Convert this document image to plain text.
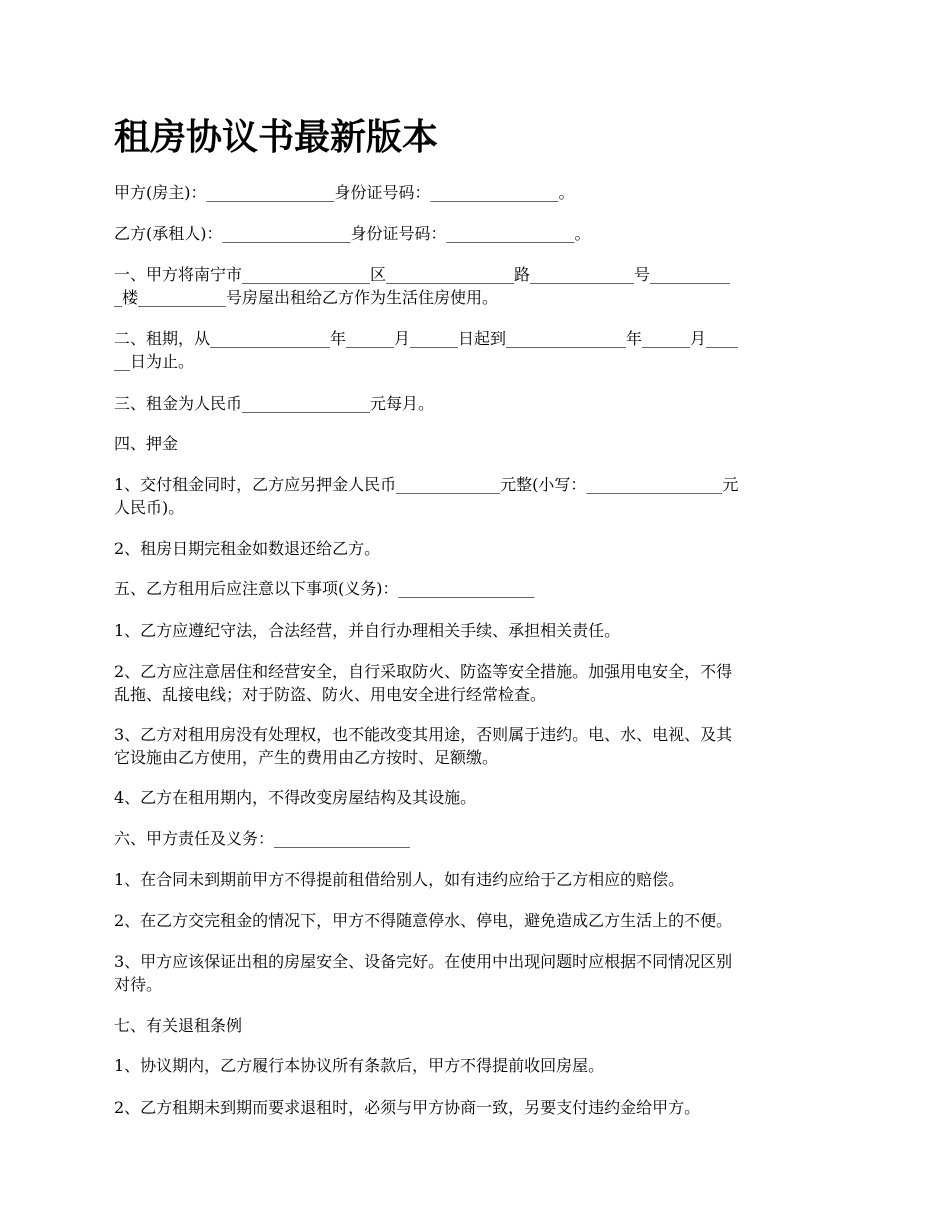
租房协议书最新版本

甲方(房主)：________________身份证号码：________________。

乙方(承租人)：________________身份证号码：________________。

一、甲方将南宁市________________区________________路_____________号__________
_楼___________号房屋出租给乙方作为生活住房使用。

二、租期，从_______________年______月______日起到_______________年______月____
__日为止。

三、租金为人民币________________元每月。

四、押金

1、交付租金同时，乙方应另押金人民币_____________元整(小写：_________________元
人民币)。

2、租房日期完租金如数退还给乙方。

五、乙方租用后应注意以下事项(义务)：_________________

1、乙方应遵纪守法，合法经营，并自行办理相关手续、承担相关责任。

2、乙方应注意居住和经营安全，自行采取防火、防盗等安全措施。加强用电安全，不得
乱拖、乱接电线；对于防盗、防火、用电安全进行经常检查。

3、乙方对租用房没有处理权，也不能改变其用途，否则属于违约。电、水、电视、及其
它设施由乙方使用，产生的费用由乙方按时、足额缴。

4、乙方在租用期内，不得改变房屋结构及其设施。

六、甲方责任及义务：_________________

1、在合同未到期前甲方不得提前租借给别人，如有违约应给于乙方相应的赔偿。

2、在乙方交完租金的情况下，甲方不得随意停水、停电，避免造成乙方生活上的不便。

3、甲方应该保证出租的房屋安全、设备完好。在使用中出现问题时应根据不同情况区别
对待。

七、有关退租条例

1、协议期内，乙方履行本协议所有条款后，甲方不得提前收回房屋。

2、乙方租期未到期而要求退租时，必须与甲方协商一致，另要支付违约金给甲方。
